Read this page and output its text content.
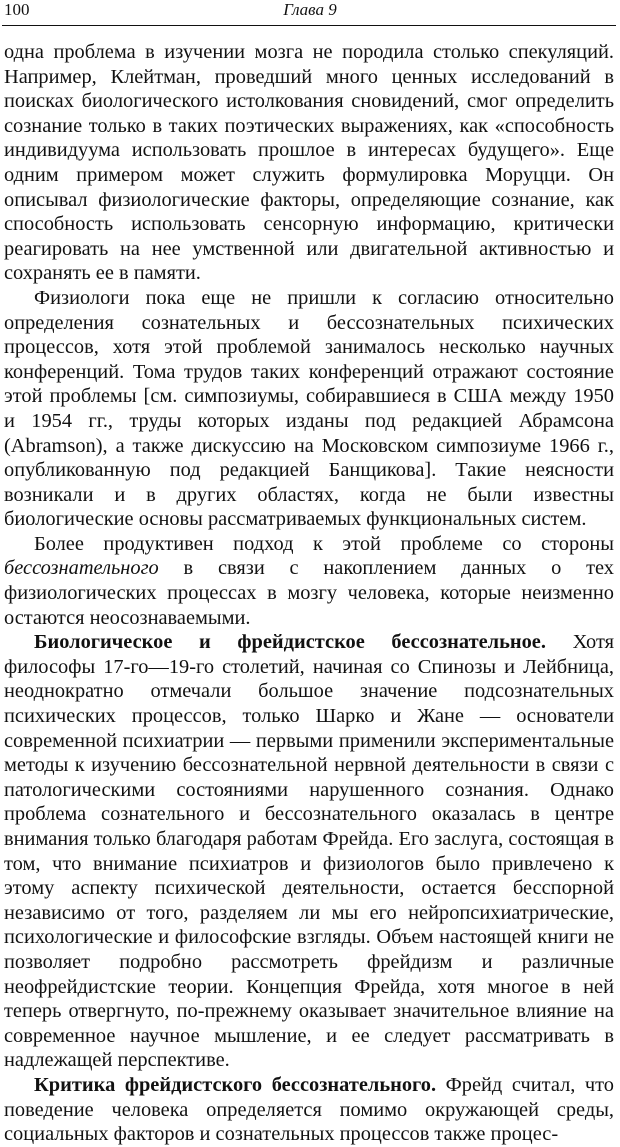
100	Глава 9

одна проблема в изучении мозга не породила столько спекуляций. Например, Клейтман, проведший много ценных исследований в поисках биологического истолкования сновидений, смог определить сознание только в таких поэтических выражениях, как «способность индивидуума использовать прошлое в интересах будущего». Еще одним примером может служить формулировка Моруцци. Он описывал физиологические факторы, определяющие сознание, как способность использовать сенсорную информацию, критически реагировать на нее умственной или двигательной активностью и сохранять ее в памяти.

Физиологи пока еще не пришли к согласию относительно определения сознательных и бессознательных психических процессов, хотя этой проблемой занималось несколько научных конференций. Тома трудов таких конференций отражают состояние этой проблемы [см. симпозиумы, собиравшиеся в США между 1950 и 1954 гг., труды которых изданы под редакцией Абрамсона (Abramson), а также дискуссию на Московском симпозиуме 1966 г., опубликованную под редакцией Банщикова]. Такие неясности возникали и в других областях, когда не были известны биологические основы рассматриваемых функциональных систем.

Более продуктивен подход к этой проблеме со стороны бессознательного в связи с накоплением данных о тех физиологических процессах в мозгу человека, которые неизменно остаются неосознаваемыми.

Биологическое и фрейдистское бессознательное. Хотя философы 17-го—19-го столетий, начиная со Спинозы и Лейбница, неоднократно отмечали большое значение подсознательных психических процессов, только Шарко и Жане — основатели современной психиатрии — первыми применили экспериментальные методы к изучению бессознательной нервной деятельности в связи с патологическими состояниями нарушенного сознания. Однако проблема сознательного и бессознательного оказалась в центре внимания только благодаря работам Фрейда. Его заслуга, состоящая в том, что внимание психиатров и физиологов было привлечено к этому аспекту психической деятельности, остается бесспорной независимо от того, разделяем ли мы его нейропсихиатрические, психологические и философские взгляды. Объем настоящей книги не позволяет подробно рассмотреть фрейдизм и различные неофрейдистские теории. Концепция Фрейда, хотя многое в ней теперь отвергнуто, по-прежнему оказывает значительное влияние на современное научное мышление, и ее следует рассматривать в надлежащей перспективе.

Критика фрейдистского бессознательного. Фрейд считал, что поведение человека определяется помимо окружающей среды, социальных факторов и сознательных процессов также процес-
